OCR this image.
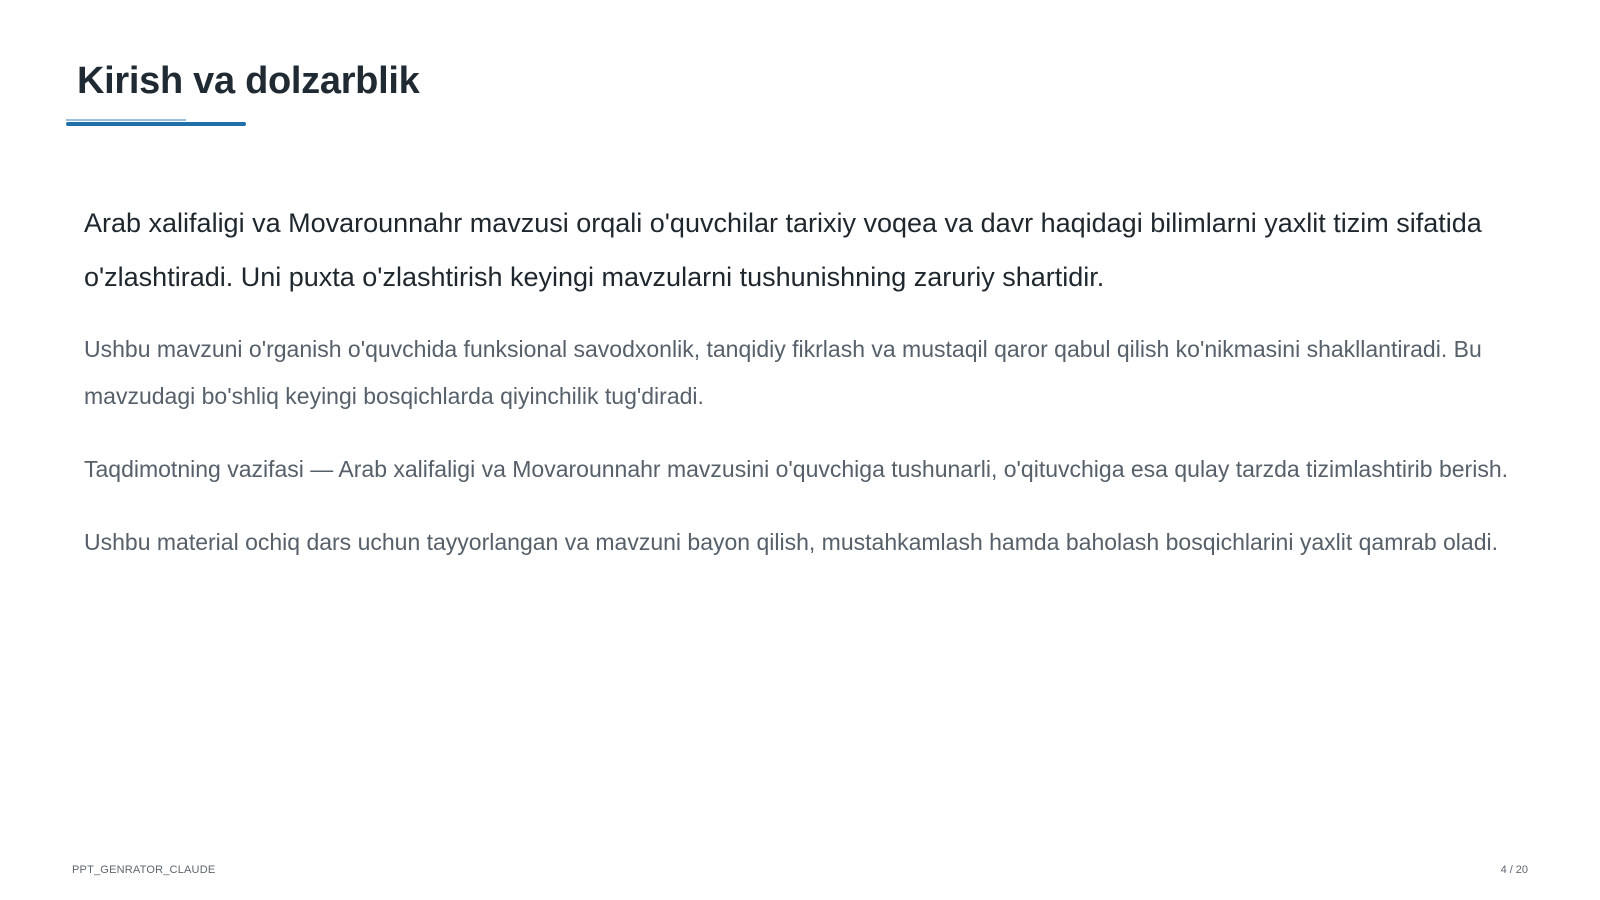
Kirish va dolzarblik

Arab xalifaligi va Movarounnahr mavzusi orqali o'quvchilar tarixiy voqea va davr haqidagi bilimlarni yaxlit tizim sifatida o'zlashtiradi. Uni puxta o'zlashtirish keyingi mavzularni tushunishning zaruriy shartidir.

Ushbu mavzuni o'rganish o'quvchida funksional savodxonlik, tanqidiy fikrlash va mustaqil qaror qabul qilish ko'nikmasini shakllantiradi. Bu mavzudagi bo'shliq keyingi bosqichlarda qiyinchilik tug'diradi.

Taqdimotning vazifasi — Arab xalifaligi va Movarounnahr mavzusini o'quvchiga tushunarli, o'qituvchiga esa qulay tarzda tizimlashtirib berish.

Ushbu material ochiq dars uchun tayyorlangan va mavzuni bayon qilish, mustahkamlash hamda baholash bosqichlarini yaxlit qamrab oladi.

PPT_GENRATOR_CLAUDE	4 / 20
